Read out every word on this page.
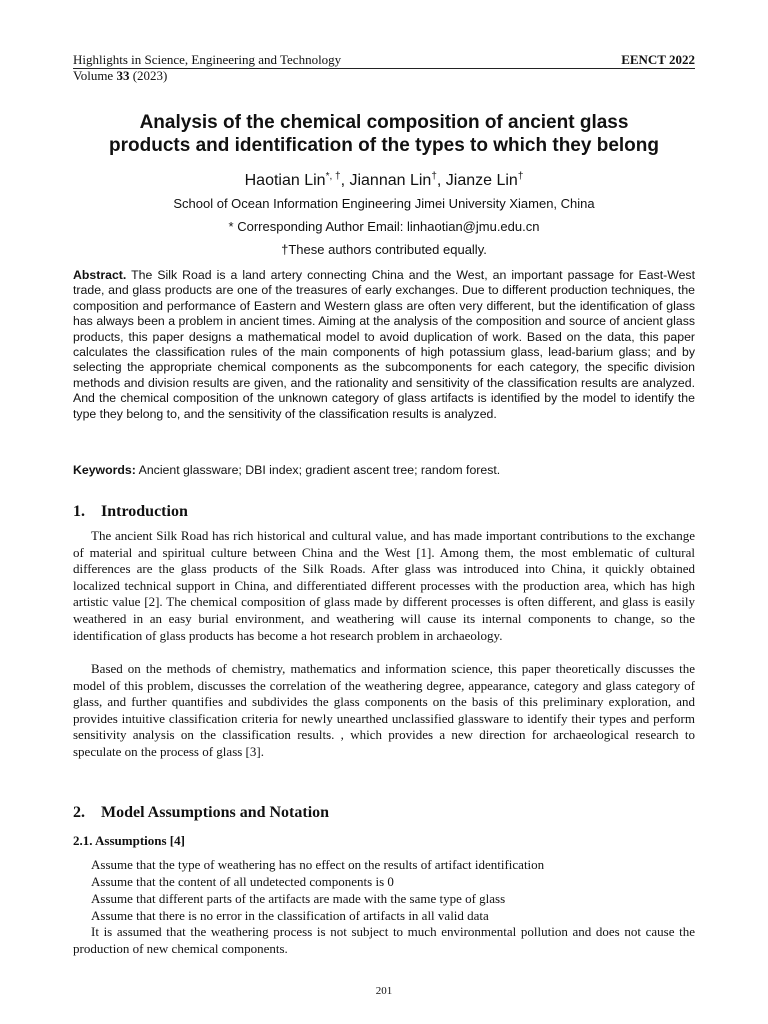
Highlights in Science, Engineering and Technology	EENCT 2022
Volume 33 (2023)
Analysis of the chemical composition of ancient glass
products and identification of the types to which they belong
Haotian Lin*, †, Jiannan Lin†, Jianze Lin†
School of Ocean Information Engineering Jimei University Xiamen, China
* Corresponding Author Email: linhaotian@jmu.edu.cn
†These authors contributed equally.
Abstract. The Silk Road is a land artery connecting China and the West, an important passage for East-West trade, and glass products are one of the treasures of early exchanges. Due to different production techniques, the composition and performance of Eastern and Western glass are often very different, but the identification of glass has always been a problem in ancient times. Aiming at the analysis of the composition and source of ancient glass products, this paper designs a mathematical model to avoid duplication of work. Based on the data, this paper calculates the classification rules of the main components of high potassium glass, lead-barium glass; and by selecting the appropriate chemical components as the subcomponents for each category, the specific division methods and division results are given, and the rationality and sensitivity of the classification results are analyzed. And the chemical composition of the unknown category of glass artifacts is identified by the model to identify the type they belong to, and the sensitivity of the classification results is analyzed.
Keywords: Ancient glassware; DBI index; gradient ascent tree; random forest.
1. Introduction
The ancient Silk Road has rich historical and cultural value, and has made important contributions to the exchange of material and spiritual culture between China and the West [1]. Among them, the most emblematic of cultural differences are the glass products of the Silk Roads. After glass was introduced into China, it quickly obtained localized technical support in China, and differentiated different processes with the production area, which has high artistic value [2]. The chemical composition of glass made by different processes is often different, and glass is easily weathered in an easy burial environment, and weathering will cause its internal components to change, so the identification of glass products has become a hot research problem in archaeology.
Based on the methods of chemistry, mathematics and information science, this paper theoretically discusses the model of this problem, discusses the correlation of the weathering degree, appearance, category and glass category of glass, and further quantifies and subdivides the glass components on the basis of this preliminary exploration, and provides intuitive classification criteria for newly unearthed unclassified glassware to identify their types and perform sensitivity analysis on the classification results. , which provides a new direction for archaeological research to speculate on the process of glass [3].
2. Model Assumptions and Notation
2.1. Assumptions [4]
Assume that the type of weathering has no effect on the results of artifact identification
Assume that the content of all undetected components is 0
Assume that different parts of the artifacts are made with the same type of glass
Assume that there is no error in the classification of artifacts in all valid data
It is assumed that the weathering process is not subject to much environmental pollution and does not cause the production of new chemical components.
201
